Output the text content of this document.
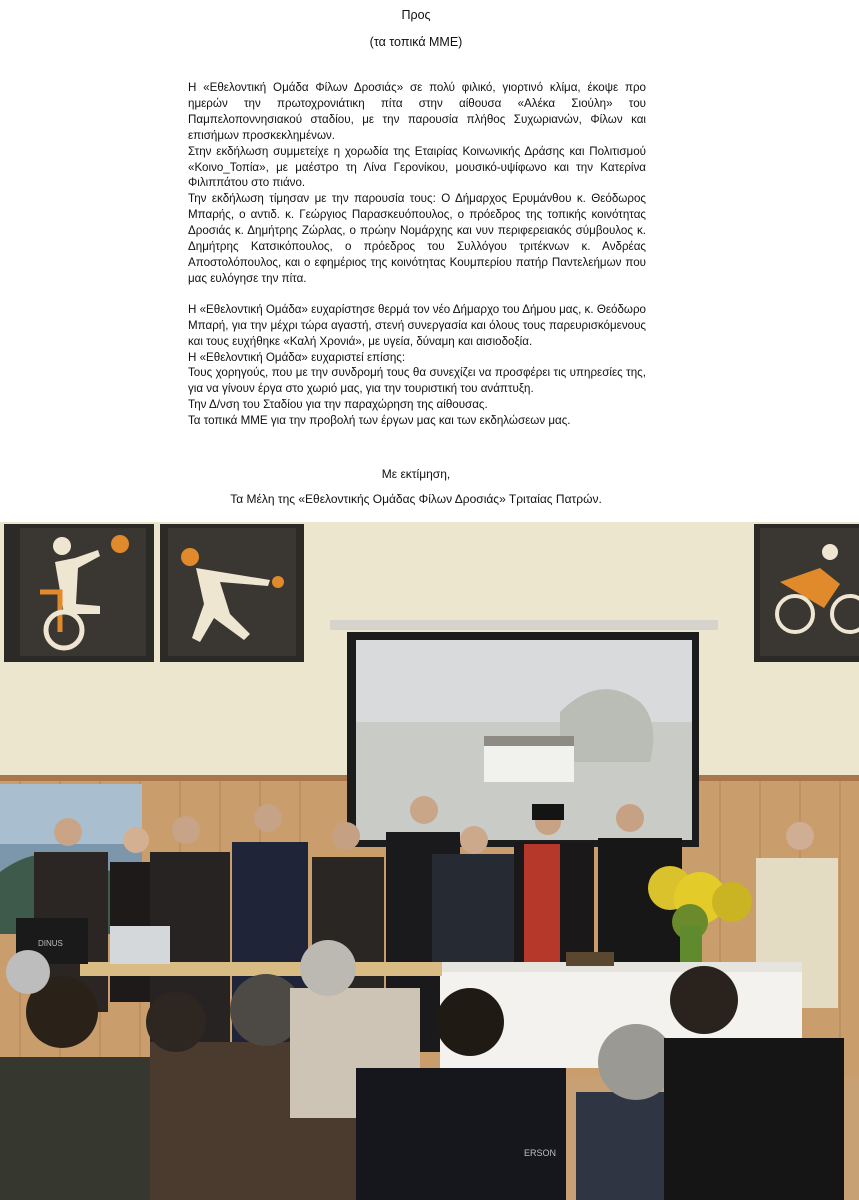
Προς
(τα τοπικά ΜΜΕ)

Η «Εθελοντική Ομάδα Φίλων Δροσιάς» σε πολύ φιλικό, γιορτινό κλίμα, έκοψε προ ημερών την πρωτοχρονιάτικη πίτα στην αίθουσα «Αλέκα Σιούλη» του Παμπελοποννησιακού σταδίου, με την παρουσία πλήθος Συχωριανών, Φίλων και επισήμων προσκεκλημένων.

Στην εκδήλωση συμμετείχε η χορωδία της Εταιρίας Κοινωνικής Δράσης και Πολιτισμού «Κοινο_Τοπία», με μαέστρο τη Λίνα Γερονίκου, μουσικό-υψίφωνο και την Κατερίνα Φιλιππάτου στο πιάνο.

Την εκδήλωση τίμησαν με την παρουσία τους: Ο Δήμαρχος Ερυμάνθου κ. Θεόδωρος Μπαρής, ο αντιδ. κ. Γεώργιος Παρασκευόπουλος, ο πρόεδρος της τοπικής κοινότητας Δροσιάς κ. Δημήτρης Ζώρλας, ο πρώην Νομάρχης και νυν περιφερειακός σύμβουλος κ. Δημήτρης Κατσικόπουλος, ο πρόεδρος του Συλλόγου τριτέκνων κ. Ανδρέας Αποστολόπουλος, και ο εφημέριος της κοινότητας Κουμπερίου πατήρ Παντελεήμων που μας ευλόγησε την πίτα.

Η «Εθελοντική Ομάδα» ευχαρίστησε θερμά τον νέο Δήμαρχο του Δήμου μας, κ. Θεόδωρο Μπαρή, για την μέχρι τώρα αγαστή, στενή συνεργασία και όλους τους παρευρισκόμενους και τους ευχήθηκε «Καλή Χρονιά», με υγεία, δύναμη και αισιοδοξία.

Η «Εθελοντική Ομάδα» ευχαριστεί επίσης:

Τους χορηγούς, που με την συνδρομή τους θα συνεχίζει να προσφέρει τις υπηρεσίες της, για να γίνουν έργα στο χωριό μας, για την τουριστική του ανάπτυξη.

Την Δ/νση του Σταδίου για την παραχώρηση της αίθουσας.

Τα τοπικά ΜΜΕ για την προβολή των έργων μας και των εκδηλώσεων μας.

Με εκτίμηση,
Τα Μέλη της «Εθελοντικής Ομάδας Φίλων Δροσιάς» Τριταίας Πατρών.
DINUS
ERSON
